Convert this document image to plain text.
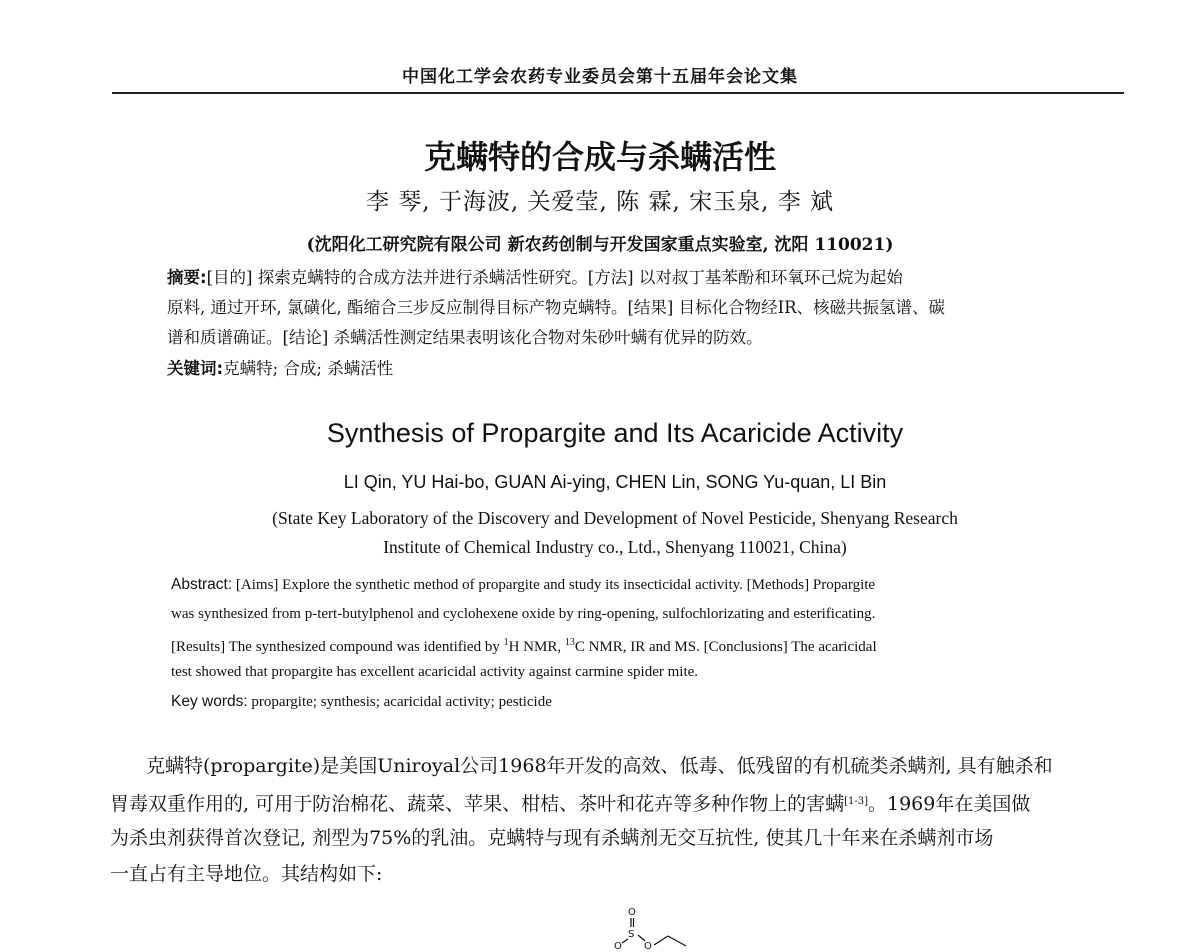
中国化工学会农药专业委员会第十五届年会论文集
克螨特的合成与杀螨活性
李 琴, 于海波, 关爱莹, 陈 霖, 宋玉泉, 李 斌
(沈阳化工研究院有限公司 新农药创制与开发国家重点实验室, 沈阳 110021)
摘要:[目的] 探索克螨特的合成方法并进行杀螨活性研究。[方法] 以对叔丁基苯酚和环氧环己烷为起始
原料, 通过开环, 氯磺化, 酯缩合三步反应制得目标产物克螨特。[结果] 目标化合物经IR、核磁共振氢谱、碳
谱和质谱确证。[结论] 杀螨活性测定结果表明该化合物对朱砂叶螨有优异的防效。
关键词:克螨特; 合成; 杀螨活性
Synthesis of Propargite and Its Acaricide Activity
LI Qin, YU Hai-bo, GUAN Ai-ying, CHEN Lin, SONG Yu-quan, LI Bin
(State Key Laboratory of the Discovery and Development of Novel Pesticide, Shenyang Research
Institute of Chemical Industry co., Ltd., Shenyang 110021, China)
Abstract: [Aims] Explore the synthetic method of propargite and study its insecticidal activity. [Methods] Propargite
was synthesized from p-tert-butylphenol and cyclohexene oxide by ring-opening, sulfochlorizating and esterificating.
[Results] The synthesized compound was identified by $^1$H NMR, $^{13}$C NMR, IR and MS. [Conclusions] The acaricidal
test showed that propargite has excellent acaricidal activity against carmine spider mite.
Key words: propargite; synthesis; acaricidal activity; pesticide
克螨特(propargite)是美国Uniroyal公司1968年开发的高效、低毒、低残留的有机硫类杀螨剂, 具有触杀和
胃毒双重作用的, 可用于防治棉花、蔬菜、苹果、柑桔、茶叶和花卉等多种作物上的害螨[1-3]。1969年在美国做
为杀虫剂获得首次登记, 剂型为75%的乳油。克螨特与现有杀螨剂无交互抗性, 使其几十年来在杀螨剂市场
一直占有主导地位。其结构如下:
O
S
O O
